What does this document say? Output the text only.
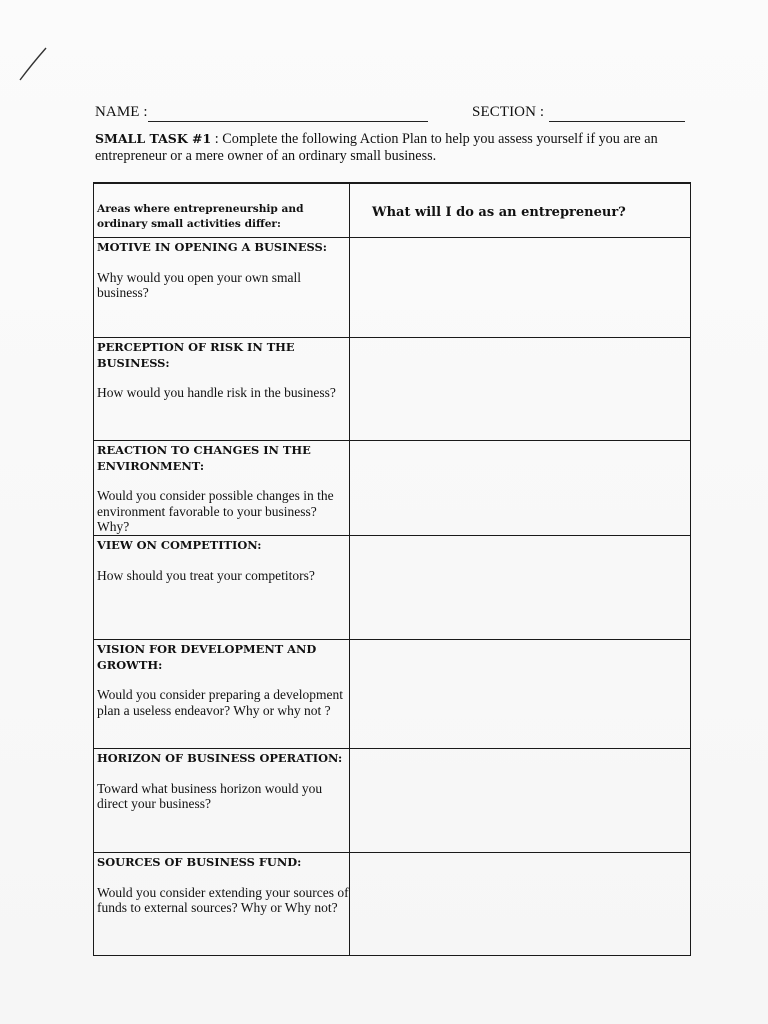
NAME :	SECTION :
SMALL TASK #1 : Complete the following Action Plan to help you assess yourself if you are an entrepreneur or a mere owner of an ordinary small business.
Areas where entrepreneurship and ordinary small activities differ:
What will I do as an entrepreneur?
MOTIVE IN OPENING A BUSINESS:
Why would you open your own small business?
PERCEPTION OF RISK IN THE BUSINESS:
How would you handle risk in the business?
REACTION TO CHANGES IN THE ENVIRONMENT:
Would you consider possible changes in the environment favorable to your business? Why?
VIEW ON COMPETITION:
How should you treat your competitors?
VISION FOR DEVELOPMENT AND GROWTH:
Would you consider preparing a development plan a useless endeavor? Why or why not ?
HORIZON OF BUSINESS OPERATION:
Toward what business horizon would you direct your business?
SOURCES OF BUSINESS FUND:
Would you consider extending your sources of funds to external sources? Why or Why not?
